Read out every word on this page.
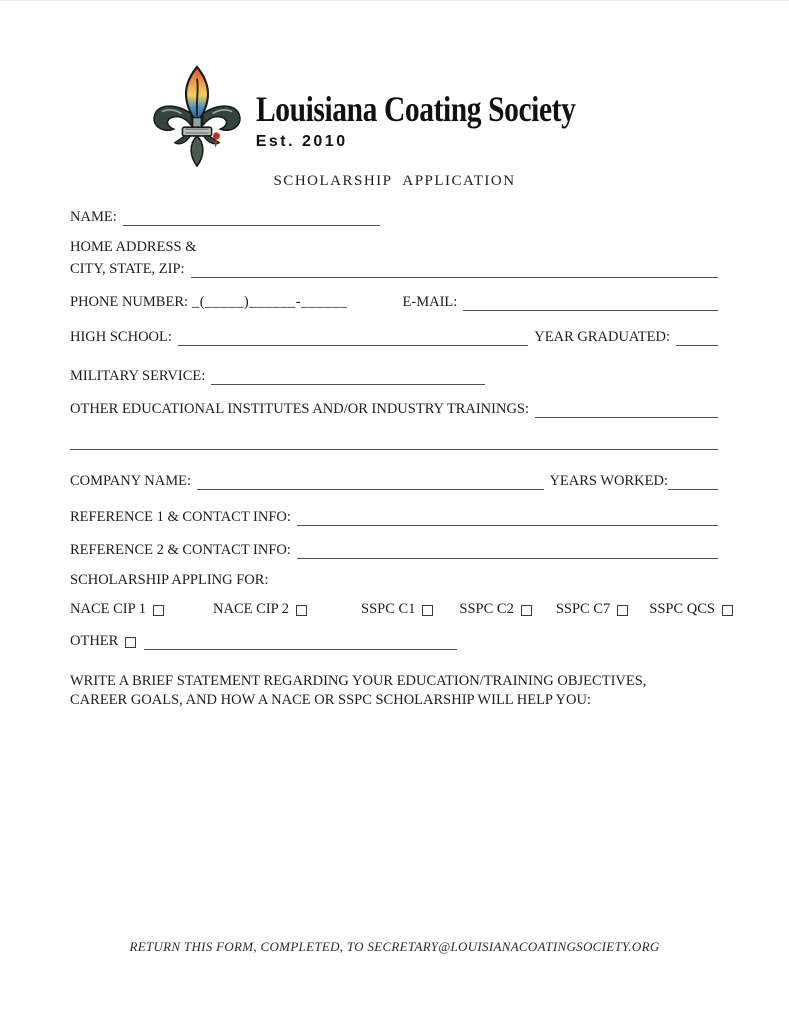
Louisiana Coating Society
Est. 2010
SCHOLARSHIP APPLICATION
NAME:
HOME ADDRESS &
CITY, STATE, ZIP:
PHONE NUMBER: _(_____)______-______	E-MAIL:
HIGH SCHOOL:	YEAR GRADUATED:
MILITARY SERVICE:
OTHER EDUCATIONAL INSTITUTES AND/OR INDUSTRY TRAININGS:
COMPANY NAME:	YEARS WORKED:
REFERENCE 1 & CONTACT INFO:
REFERENCE 2 & CONTACT INFO:
SCHOLARSHIP APPLING FOR:
NACE CIP 1	NACE CIP 2	SSPC C1	SSPC C2	SSPC C7	SSPC QCS
OTHER
WRITE A BRIEF STATEMENT REGARDING YOUR EDUCATION/TRAINING OBJECTIVES,
CAREER GOALS, AND HOW A NACE OR SSPC SCHOLARSHIP WILL HELP YOU:
RETURN THIS FORM, COMPLETED, TO SECRETARY@LOUISIANACOATINGSOCIETY.ORG
